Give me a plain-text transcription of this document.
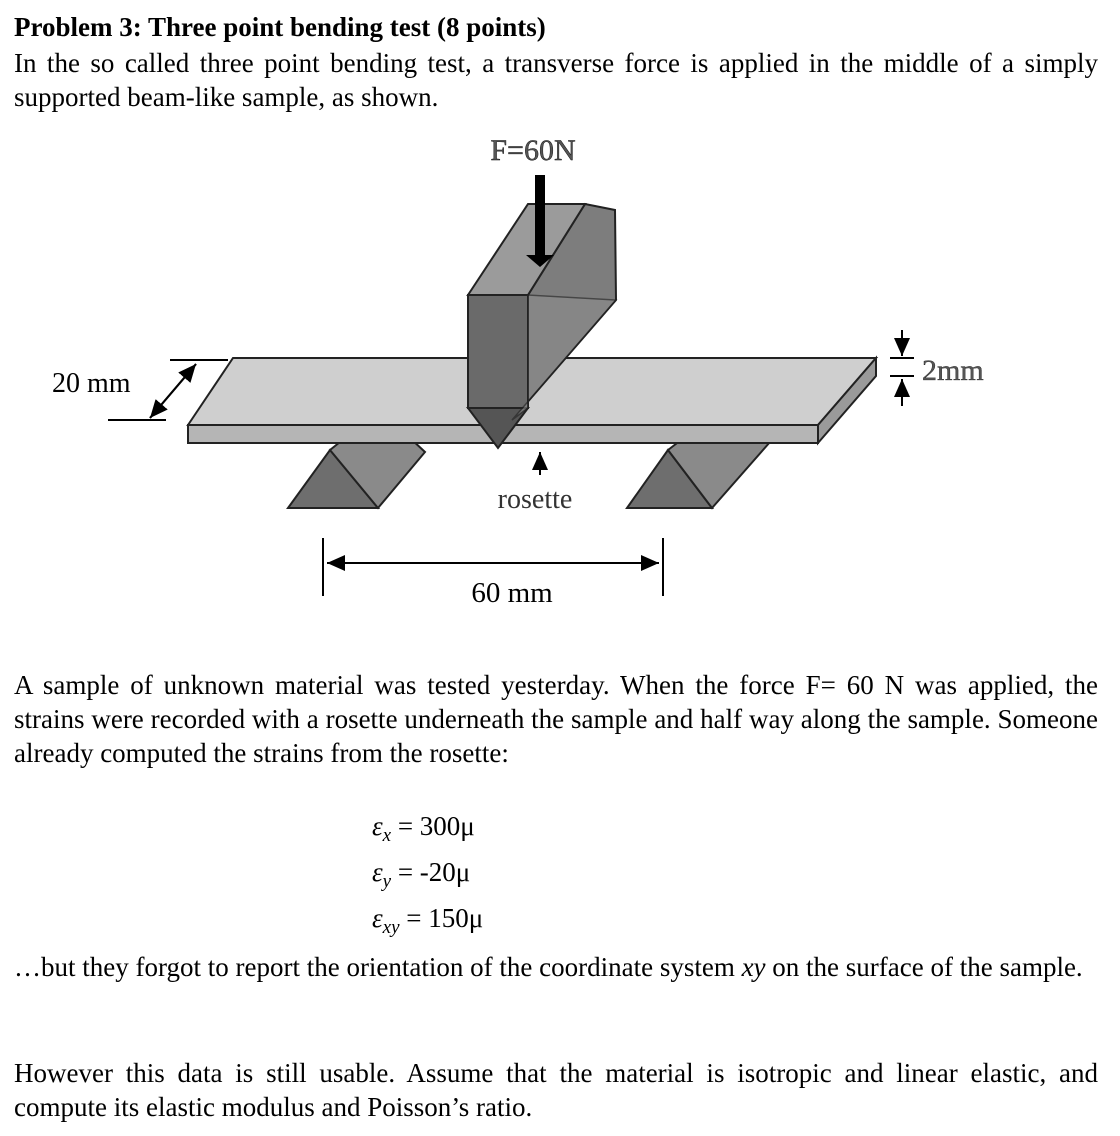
Problem 3: Three point bending test (8 points)

In the so called three point bending test, a transverse force is applied in the middle of a simply supported beam-like sample, as shown.

F=60N
20 mm	2mm
rosette
60 mm

A sample of unknown material was tested yesterday. When the force F= 60 N was applied, the strains were recorded with a rosette underneath the sample and half way along the sample. Someone already computed the strains from the rosette:

$\varepsilon_x = 300\mu$
$\varepsilon_y = -20\mu$
$\varepsilon_{xy} = 150\mu$

…but they forgot to report the orientation of the coordinate system xy on the surface of the sample.

However this data is still usable. Assume that the material is isotropic and linear elastic, and compute its elastic modulus and Poisson’s ratio.
